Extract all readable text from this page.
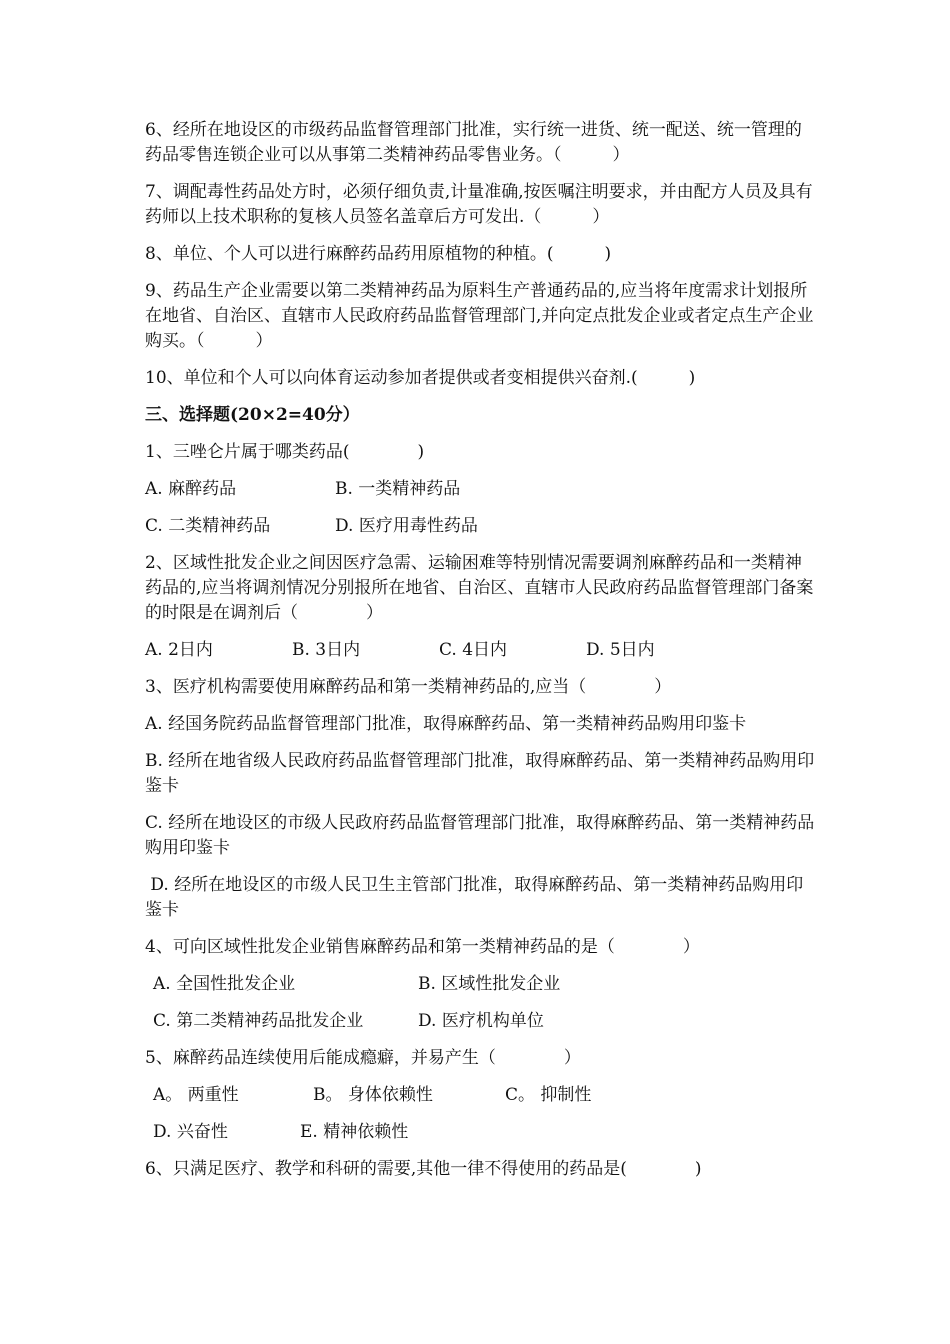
6、经所在地设区的市级药品监督管理部门批准，实行统一进货、统一配送、统一管理的药品零售连锁企业可以从事第二类精神药品零售业务。（　　　）
7、调配毒性药品处方时，必须仔细负责,计量准确,按医嘱注明要求，并由配方人员及具有药师以上技术职称的复核人员签名盖章后方可发出.（　　　）
8、单位、个人可以进行麻醉药品药用原植物的种植。(　　　)
9、药品生产企业需要以第二类精神药品为原料生产普通药品的,应当将年度需求计划报所在地省、自治区、直辖市人民政府药品监督管理部门,并向定点批发企业或者定点生产企业购买。（　　　）
10、单位和个人可以向体育运动参加者提供或者变相提供兴奋剂.(　　　)
三、选择题(20×2=40分）
1、三唑仑片属于哪类药品(　　　　)
A. 麻醉药品	B. 一类精神药品
C. 二类精神药品	D. 医疗用毒性药品
2、区域性批发企业之间因医疗急需、运输困难等特别情况需要调剂麻醉药品和一类精神药品的,应当将调剂情况分别报所在地省、自治区、直辖市人民政府药品监督管理部门备案的时限是在调剂后（　　　　）
A. 2日内	B. 3日内	C. 4日内	D. 5日内
3、医疗机构需要使用麻醉药品和第一类精神药品的,应当（　　　　）
A. 经国务院药品监督管理部门批准，取得麻醉药品、第一类精神药品购用印鉴卡
B. 经所在地省级人民政府药品监督管理部门批准，取得麻醉药品、第一类精神药品购用印鉴卡
C. 经所在地设区的市级人民政府药品监督管理部门批准，取得麻醉药品、第一类精神药品购用印鉴卡
D. 经所在地设区的市级人民卫生主管部门批准，取得麻醉药品、第一类精神药品购用印鉴卡
4、可向区域性批发企业销售麻醉药品和第一类精神药品的是（　　　　）
A. 全国性批发企业	B. 区域性批发企业
C. 第二类精神药品批发企业	D. 医疗机构单位
5、麻醉药品连续使用后能成瘾癖，并易产生（　　　　）
A。 两重性	B。 身体依赖性	C。 抑制性
D. 兴奋性	E. 精神依赖性
6、只满足医疗、教学和科研的需要,其他一律不得使用的药品是(　　　　)
